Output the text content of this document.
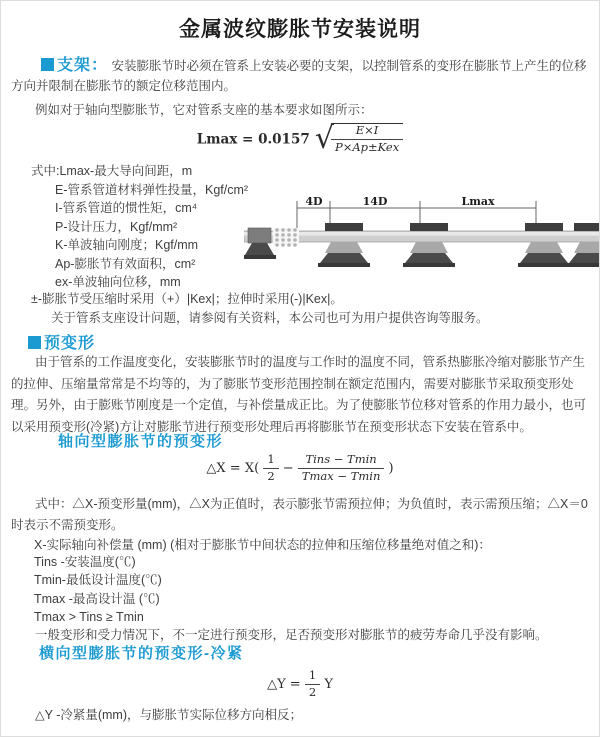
金属波纹膨胀节安装说明

支架： 安装膨胀节时必须在管系上安装必要的支架，以控制管系的变形在膨胀节上产生的位移方向并限制在膨胀节的额定位移范围内。

例如对于轴向型膨胀节，它对管系支座的基本要求如图所示：

Lmax = 0.0157 √
$\frac{E\times I}{\text{P×Ap±Kex}}$
式中:Lmax-最大导向间距，m
E-管系管道材料弹性投量，Kgf/cm²
I-管系管道的惯性矩，cm⁴
P-设计压力，Kgf/mm²
K-单波轴向刚度；Kgf/mm
Ap-膨胀节有效面积，cm²
ex-单波轴向位移，mm
4D	14D	Lmax

±-膨胀节受压缩时采用（+）|Kex|；拉伸时采用(-)|Kex|。

关于管系支座设计问题，请参阅有关资料，本公司也可为用户提供咨询等服务。

预变形

由于管系的工作温度变化，安装膨胀节时的温度与工作时的温度不同，管系热膨胀冷缩对膨胀节产生的拉伸、压缩量常常是不均等的，为了膨胀节变形范围控制在额定范围内，需要对膨胀节采取预变形处理。另外，由于膨账节刚度是一个定值，与补偿量成正比。为了使膨胀节位移对管系的作用力最小，也可以采用预变形(冷紧)方让对膨胀节进行预变形处理后再将膨胀节在预变形状态下安装在管系中。

轴向型膨胀节的预变形
△X = $X( \frac{1}{2} - \frac{\text{Tins − Tmin}}{Tmax - Tmin}$ )

式中：△X-预变形量(mm)，△X为正值时，表示膨张节需预拉伸；为负值时，表示需预压缩；△X＝0时表示不需预变形。

X-实际轴向补偿量 (mm) (相对于膨胀节中间状态的拉伸和压缩位移量绝对值之和)：

Tins -安装温度(℃)

Tmin-最低设计温度(℃)

Tmax -最高设计温 (℃)

Tmax > Tins ≥ Tmin

一般变形和受力情况下，不一定进行预变形，足否预变形对膨胀节的疲劳寿命几乎没有影响。

横向型膨胀节的预变形-冷紧
△Y = $\frac{1}{2}$ Y

△Y -冷紧量(mm)，与膨胀节实际位移方向相反；
